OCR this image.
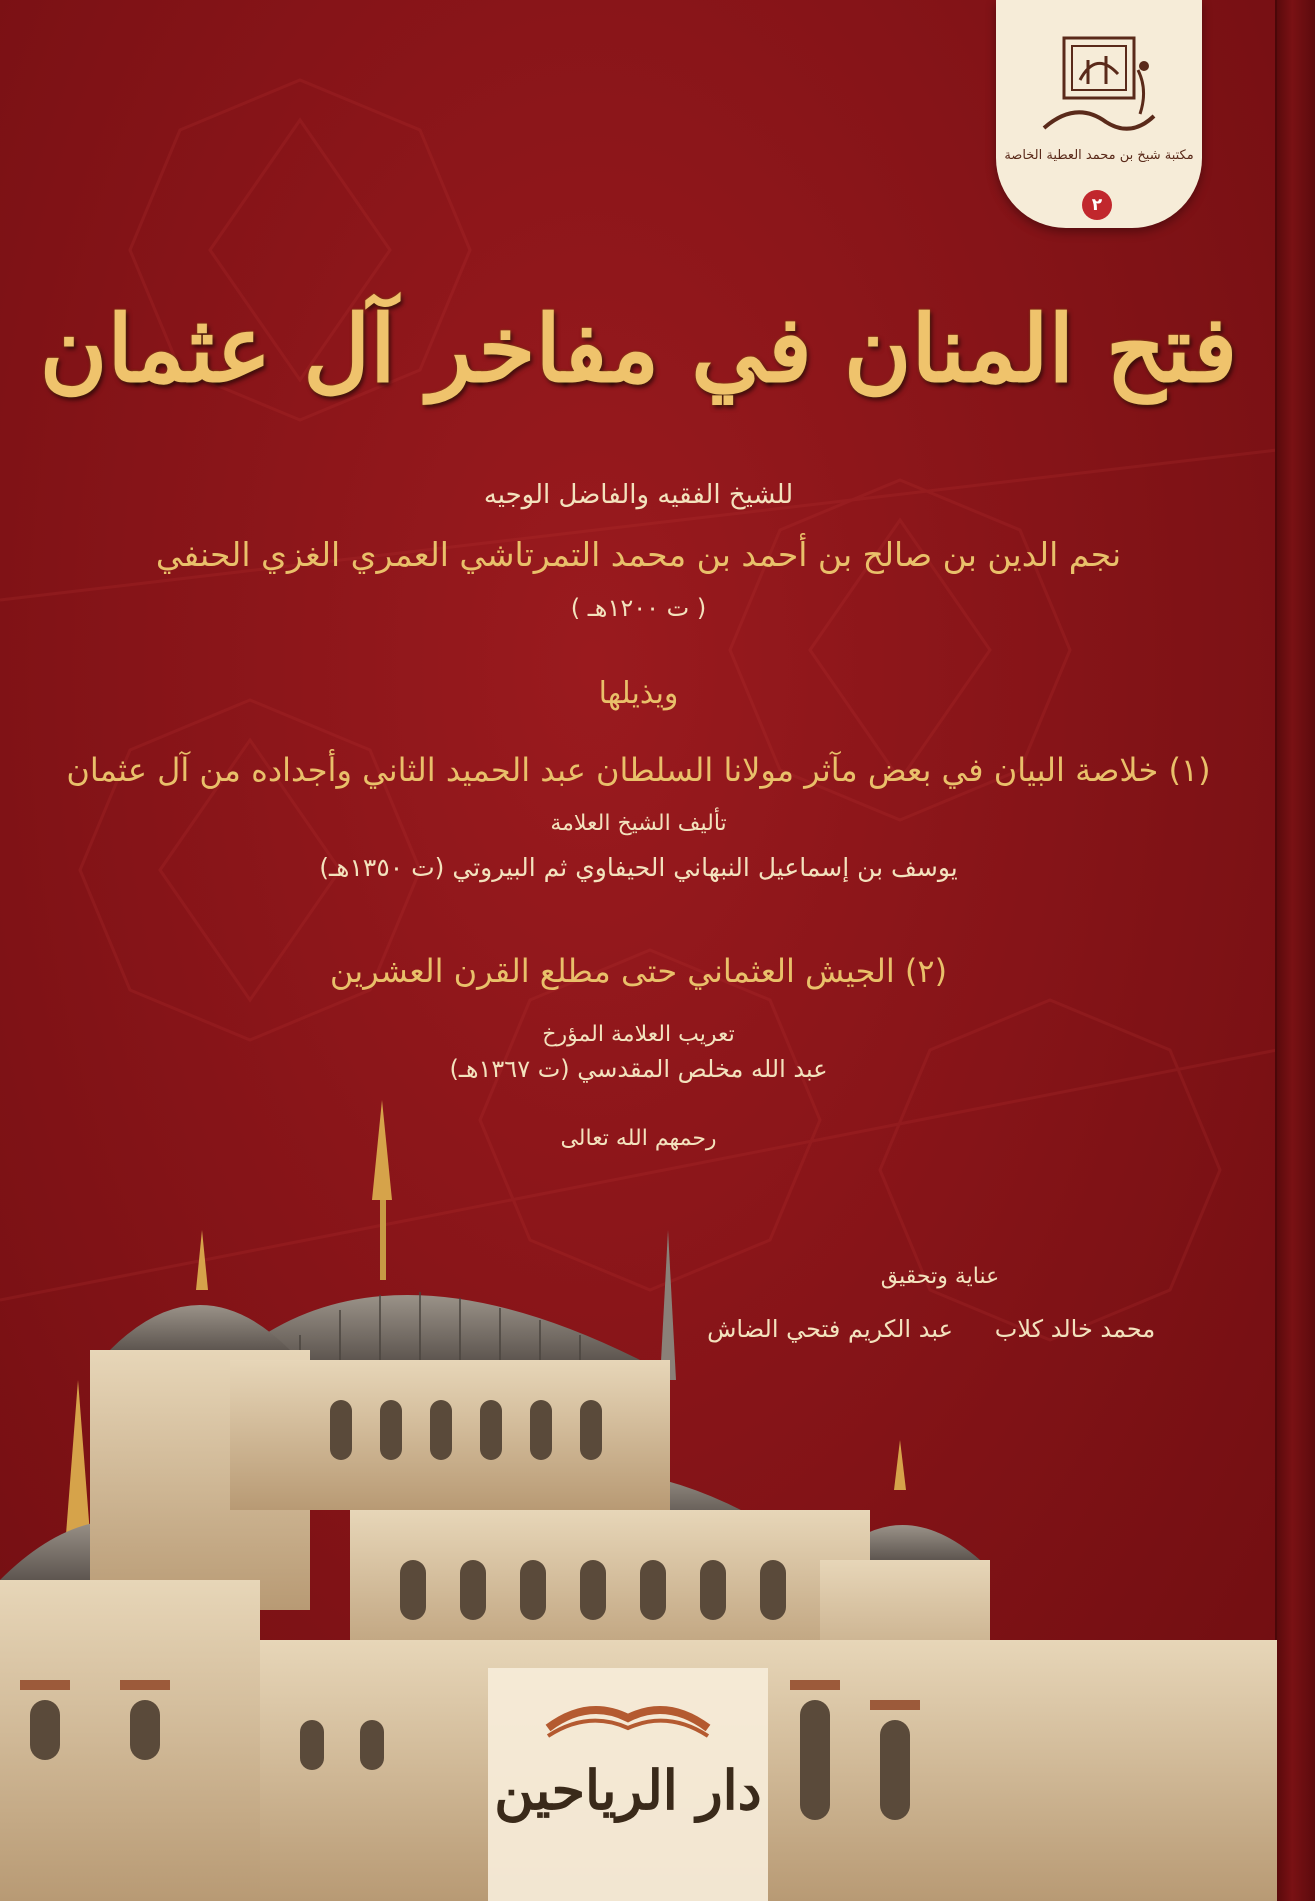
مكتبة شيخ بن محمد العطية الخاصة
٢
فتح المنان في مفاخر آل عثمان
للشيخ الفقيه والفاضل الوجيه
نجم الدين بن صالح بن أحمد بن محمد التمرتاشي العمري الغزي الحنفي
( ت ١٢٠٠هـ )
ويذيلها
(١) خلاصة البيان في بعض مآثر مولانا السلطان عبد الحميد الثاني وأجداده من آل عثمان
تأليف الشيخ العلامة
يوسف بن إسماعيل النبهاني الحيفاوي ثم البيروتي (ت ١٣٥٠هـ)
(٢) الجيش العثماني حتى مطلع القرن العشرين
تعريب العلامة المؤرخ
عبد الله مخلص المقدسي (ت ١٣٦٧هـ)
رحمهم الله تعالى
عناية وتحقيق
محمد خالد كلاب
عبد الكريم فتحي الضاش
دار الرياحين
